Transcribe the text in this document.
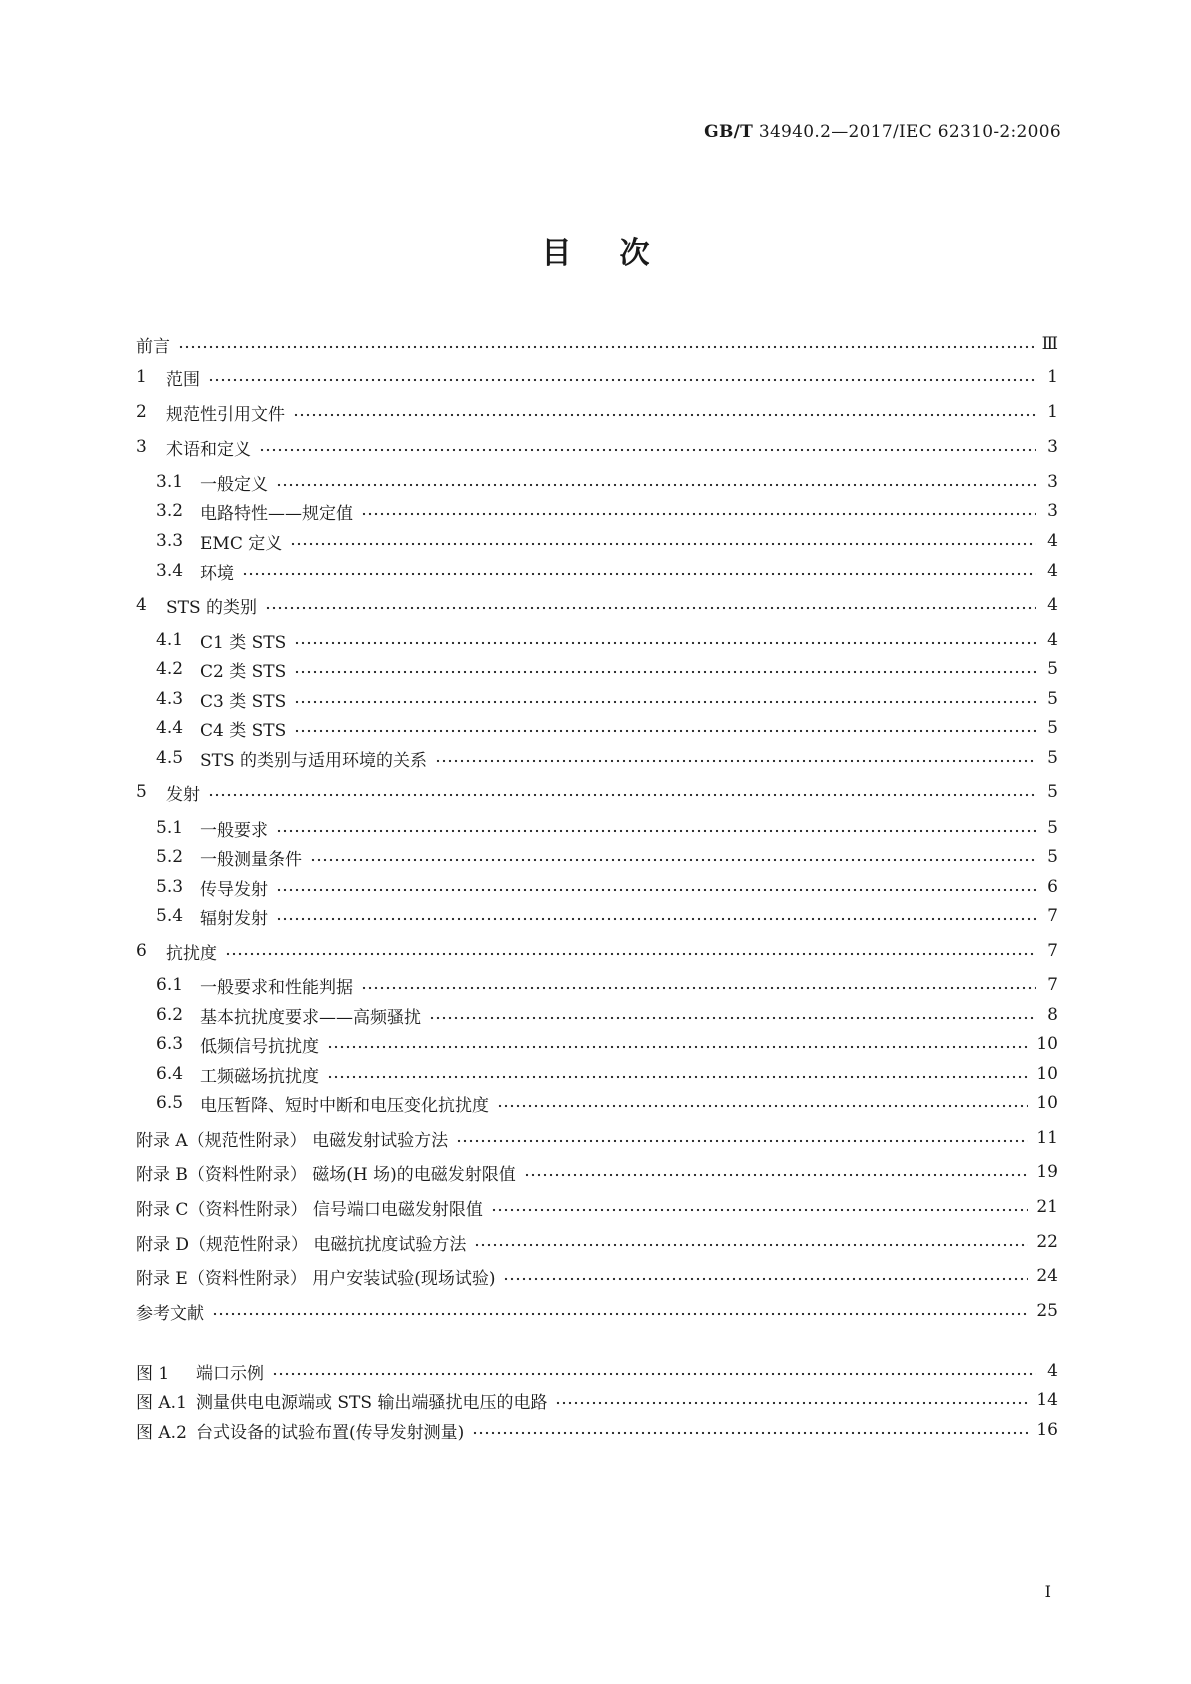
GB/T 34940.2—2017/IEC 62310-2:2006
目次
前言	Ⅲ
1	范围	1
2	规范性引用文件	1
3	术语和定义	3
3.1 一般定义	3
3.2 电路特性——规定值	3
3.3 EMC 定义	4
3.4 环境	4
4	STS 的类别	4
4.1 C1 类 STS	4
4.2 C2 类 STS	5
4.3 C3 类 STS	5
4.4 C4 类 STS	5
4.5 STS 的类别与适用环境的关系	5
5	发射	5
5.1 一般要求	5
5.2 一般测量条件	5
5.3 传导发射	6
5.4 辐射发射	7
6	抗扰度	7
6.1 一般要求和性能判据	7
6.2 基本抗扰度要求——高频骚扰	8
6.3 低频信号抗扰度	10
6.4 工频磁场抗扰度	10
6.5 电压暂降、短时中断和电压变化抗扰度	10
附录 A（规范性附录） 电磁发射试验方法	11
附录 B（资料性附录） 磁场(H 场)的电磁发射限值	19
附录 C（资料性附录） 信号端口电磁发射限值	21
附录 D（规范性附录） 电磁抗扰度试验方法	22
附录 E（资料性附录） 用户安装试验(现场试验)	24
参考文献	25
图 1	端口示例	4
图 A.1 测量供电电源端或 STS 输出端骚扰电压的电路	14
图 A.2 台式设备的试验布置(传导发射测量)	16
I
